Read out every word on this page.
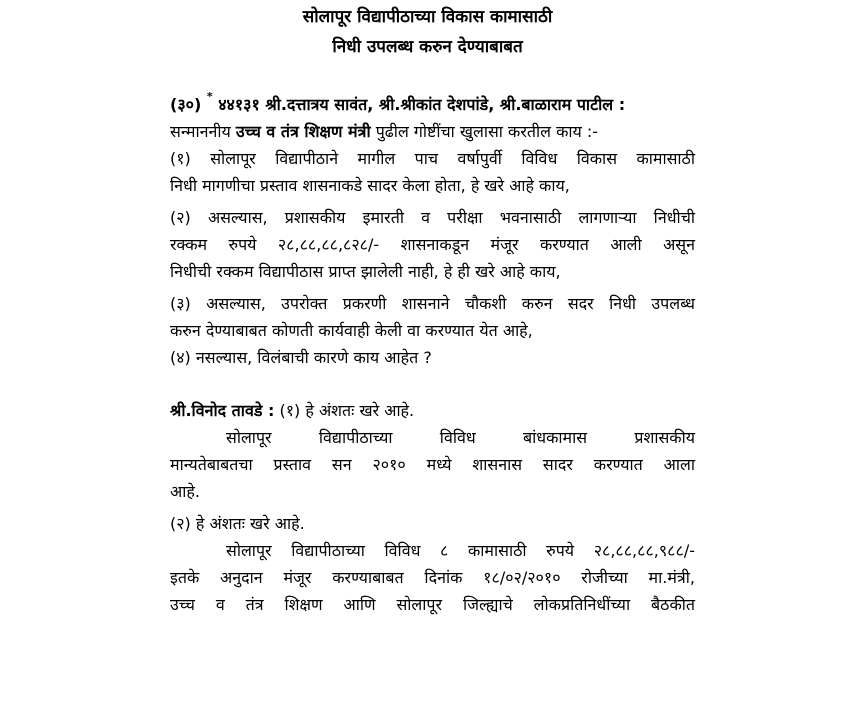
सोलापूर विद्यापीठाच्या विकास कामासाठी
निधी उपलब्ध करुन देण्याबाबत
(३०) * ४४१३१ श्री.दत्तात्रय सावंत, श्री.श्रीकांत देशपांडे, श्री.बाळाराम पाटील :
सन्माननीय उच्च व तंत्र शिक्षण मंत्री पुढील गोष्टींचा खुलासा करतील काय :-
(१) सोलापूर विद्यापीठाने मागील पाच वर्षापुर्वी विविध विकास कामासाठी
निधी मागणीचा प्रस्ताव शासनाकडे सादर केला होता, हे खरे आहे काय,
(२) असल्यास, प्रशासकीय इमारती व परीक्षा भवनासाठी लागणाऱ्या निधीची
रक्कम रुपये २८,८८,८८,८२८/- शासनाकडून मंजूर करण्यात आली असून
निधीची रक्कम विद्यापीठास प्राप्त झालेली नाही, हे ही खरे आहे काय,
(३) असल्यास, उपरोक्त प्रकरणी शासनाने चौकशी करुन सदर निधी उपलब्ध
करुन देण्याबाबत कोणती कार्यवाही केली वा करण्यात येत आहे,
(४) नसल्यास, विलंबाची कारणे काय आहेत ?
श्री.विनोद तावडे : (१) हे अंशतः खरे आहे.
सोलापूर विद्यापीठाच्या विविध बांधकामास प्रशासकीय
मान्यतेबाबतचा प्रस्ताव सन २०१० मध्ये शासनास सादर करण्यात आला
आहे.
(२) हे अंशतः खरे आहे.
सोलापूर विद्यापीठाच्या विविध ८ कामासाठी रुपये २८,८८,८८,९८८/-
इतके अनुदान मंजूर करण्याबाबत दिनांक १८/०२/२०१० रोजीच्या मा.मंत्री,
उच्च व तंत्र शिक्षण आणि सोलापूर जिल्ह्याचे लोकप्रतिनिधींच्या बैठकीत
